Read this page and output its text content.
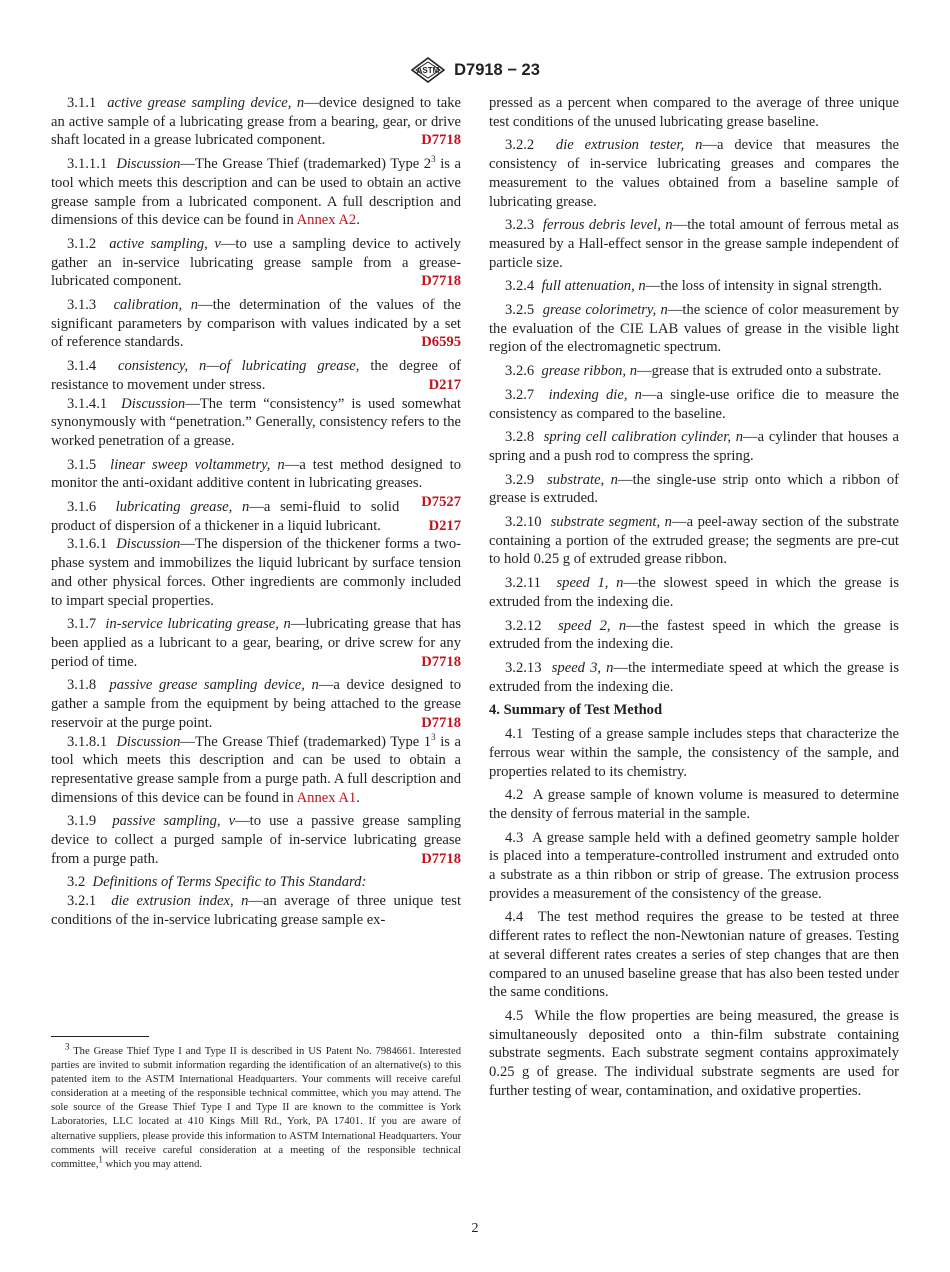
ASTM D7918 − 23

3.1.1 active grease sampling device, n—device designed to take an active sample of a lubricating grease from a bearing, gear, or drive shaft located in a grease lubricated component.	D7718

3.1.1.1 Discussion—The Grease Thief (trademarked) Type $2^3$ is a tool which meets this description and can be used to obtain an active grease sample from a lubricated component. A full description and dimensions of this device can be found in Annex A2.

3.1.2 active sampling, v—to use a sampling device to actively gather an in-service lubricating grease sample from a grease-lubricated component.	D7718

3.1.3 calibration, n—the determination of the values of the significant parameters by comparison with values indicated by a set of reference standards.	D6595

3.1.4 consistency, n—of lubricating grease, the degree of resistance to movement under stress.	D217

3.1.4.1 Discussion—The term “consistency” is used somewhat synonymously with “penetration.” Generally, consistency refers to the worked penetration of a grease.

3.1.5 linear sweep voltammetry, n—a test method designed to monitor the anti-oxidant additive content in lubricating greases.
D7527

3.1.6 lubricating grease, n—a semi-fluid to solid product of dispersion of a thickener in a liquid lubricant.	D217

3.1.6.1 Discussion—The dispersion of the thickener forms a two-phase system and immobilizes the liquid lubricant by surface tension and other physical forces. Other ingredients are commonly included to impart special properties.

3.1.7 in-service lubricating grease, n—lubricating grease that has been applied as a lubricant to a gear, bearing, or drive screw for any period of time.	D7718

3.1.8 passive grease sampling device, n—a device designed to gather a sample from the equipment by being attached to the grease reservoir at the purge point.	D7718

3.1.8.1 Discussion—The Grease Thief (trademarked) Type $1^3$ is a tool which meets this description and can be used to obtain a representative grease sample from a purge path. A full description and dimensions of this device can be found in Annex A1.

3.1.9 passive sampling, v—to use a passive grease sampling device to collect a purged sample of in-service lubricating grease from a purge path.	D7718

3.2 Definitions of Terms Specific to This Standard:

3.2.1 die extrusion index, n—an average of three unique test conditions of the in-service lubricating grease sample ex-

pressed as a percent when compared to the average of three unique test conditions of the unused lubricating grease baseline.

3.2.2 die extrusion tester, n—a device that measures the consistency of in-service lubricating greases and compares the measurement to the values obtained from a baseline sample of lubricating grease.

3.2.3 ferrous debris level, n—the total amount of ferrous metal as measured by a Hall-effect sensor in the grease sample independent of particle size.

3.2.4 full attenuation, n—the loss of intensity in signal strength.

3.2.5 grease colorimetry, n—the science of color measurement by the evaluation of the CIE LAB values of grease in the visible light region of the electromagnetic spectrum.

3.2.6 grease ribbon, n—grease that is extruded onto a substrate.

3.2.7 indexing die, n—a single-use orifice die to measure the consistency as compared to the baseline.

3.2.8 spring cell calibration cylinder, n—a cylinder that houses a spring and a push rod to compress the spring.

3.2.9 substrate, n—the single-use strip onto which a ribbon of grease is extruded.

3.2.10 substrate segment, n—a peel-away section of the substrate containing a portion of the extruded grease; the segments are pre-cut to hold 0.25 g of extruded grease ribbon.

3.2.11 speed 1, n—the slowest speed in which the grease is extruded from the indexing die.

3.2.12 speed 2, n—the fastest speed in which the grease is extruded from the indexing die.

3.2.13 speed 3, n—the intermediate speed at which the grease is extruded from the indexing die.

4. Summary of Test Method

4.1 Testing of a grease sample includes steps that characterize the ferrous wear within the sample, the consistency of the sample, and properties related to its chemistry.

4.2 A grease sample of known volume is measured to determine the density of ferrous material in the sample.

4.3 A grease sample held with a defined geometry sample holder is placed into a temperature-controlled instrument and extruded onto a substrate as a thin ribbon or strip of grease. The extrusion process provides a measurement of the consistency of the grease.

4.4 The test method requires the grease to be tested at three different rates to reflect the non-Newtonian nature of greases. Testing at several different rates creates a series of step changes that are then compared to an unused baseline grease that has also been tested under the same conditions.

4.5 While the flow properties are being measured, the grease is simultaneously deposited onto a thin-film substrate containing substrate segments. Each substrate segment contains approximately 0.25 g of grease. The individual substrate segments are used for further testing of wear, contamination, and oxidative properties.

$^3$ The Grease Thief Type I and Type II is described in US Patent No. 7984661. Interested parties are invited to submit information regarding the identification of an alternative(s) to this patented item to the ASTM International Headquarters. Your comments will receive careful consideration at a meeting of the responsible technical committee, which you may attend. The sole source of the Grease Thief Type I and Type II are known to the committee is York Laboratories, LLC located at 410 Kings Mill Rd., York, PA 17401. If you are aware of alternative suppliers, please provide this information to ASTM International Headquarters. Your comments will receive careful consideration at a meeting of the responsible technical committee,$^1$ which you may attend.
2
